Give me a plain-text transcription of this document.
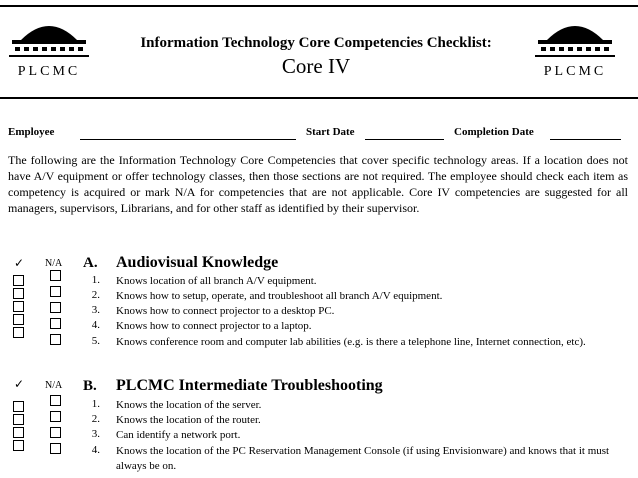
PLCMC	PLCMC
Information Technology Core Competencies Checklist:
Core IV
Employee	Start Date	Completion Date
The following are the Information Technology Core Competencies that cover specific technology areas. If a location does not have A/V equipment or offer technology classes, then those sections are not required. The employee should check each item as competency is acquired or mark N/A for competencies that are not applicable. Core IV competencies are suggested for all managers, supervisors, Librarians, and for other staff as identified by their supervisor.
✓ N/A A. Audiovisual Knowledge
1. Knows location of all branch A/V equipment.
2. Knows how to setup, operate, and troubleshoot all branch A/V equipment.
3. Knows how to connect projector to a desktop PC.
4. Knows how to connect projector to a laptop.
5. Knows conference room and computer lab abilities (e.g. is there a telephone line, Internet connection, etc).
✓ N/A B. PLCMC Intermediate Troubleshooting
1. Knows the location of the server.
2. Knows the location of the router.
3. Can identify a network port.
4. Knows the location of the PC Reservation Management Console (if using Envisionware) and knows that it must always be on.
